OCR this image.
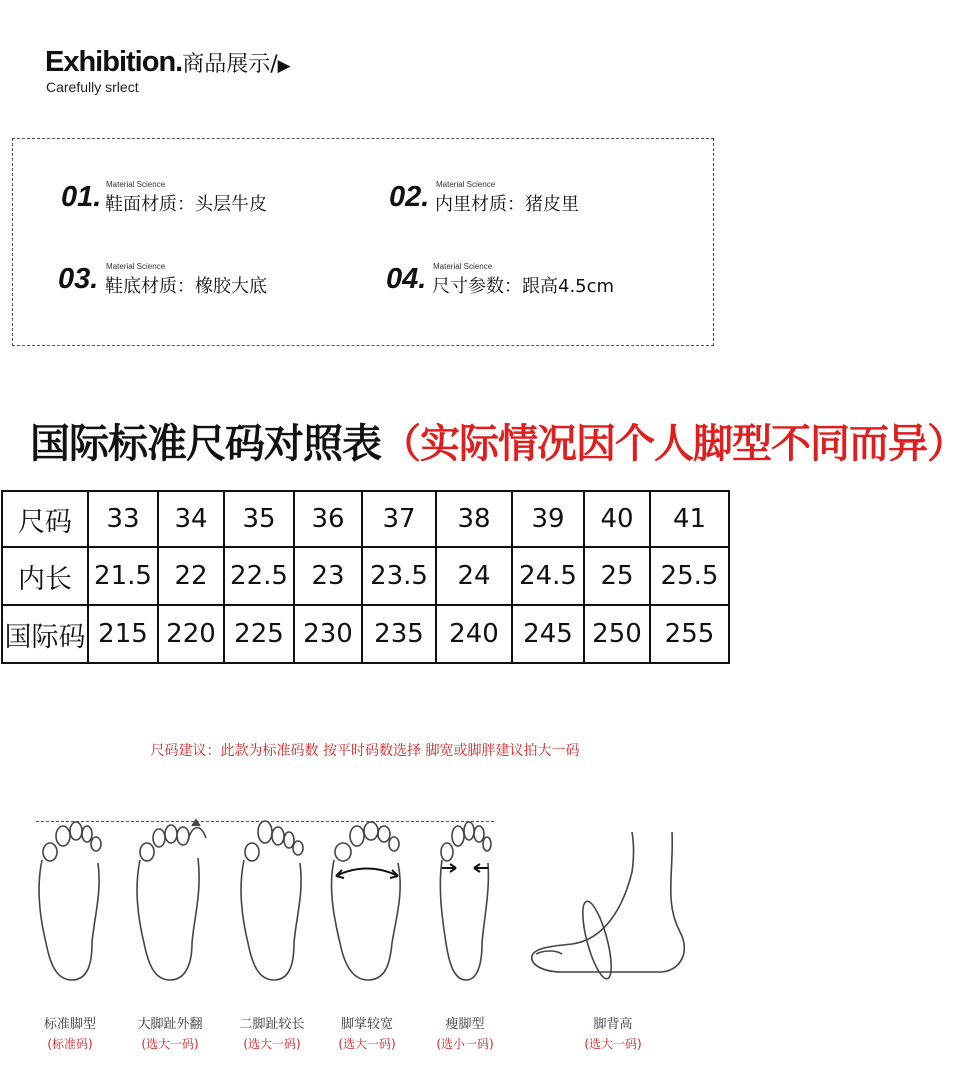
Exhibition.商品展示/▶
Carefully srlect
01. Material Science
鞋面材质：头层牛皮	02. Material Science
内里材质：猪皮里
03. Material Science
鞋底材质：橡胶大底	04. Material Science
尺寸参数：跟高4.5cm
国际标准尺码对照表（实际情况因个人脚型不同而异）
尺码	33	34	35	36	37	38	39	40	41
内长	21.5	22	22.5	23	23.5	24	24.5	25	25.5
国际码	215	220	225	230	235	240	245	250	255
尺码建议：此款为标准码数 按平时码数选择 脚宽或脚胖建议拍大一码
标准脚型
(标准码)
大脚趾外翻
(选大一码)
二脚趾较长
(选大一码)
脚掌较宽
(选大一码)
瘦脚型
(选小一码)
脚背高
(选大一码)
